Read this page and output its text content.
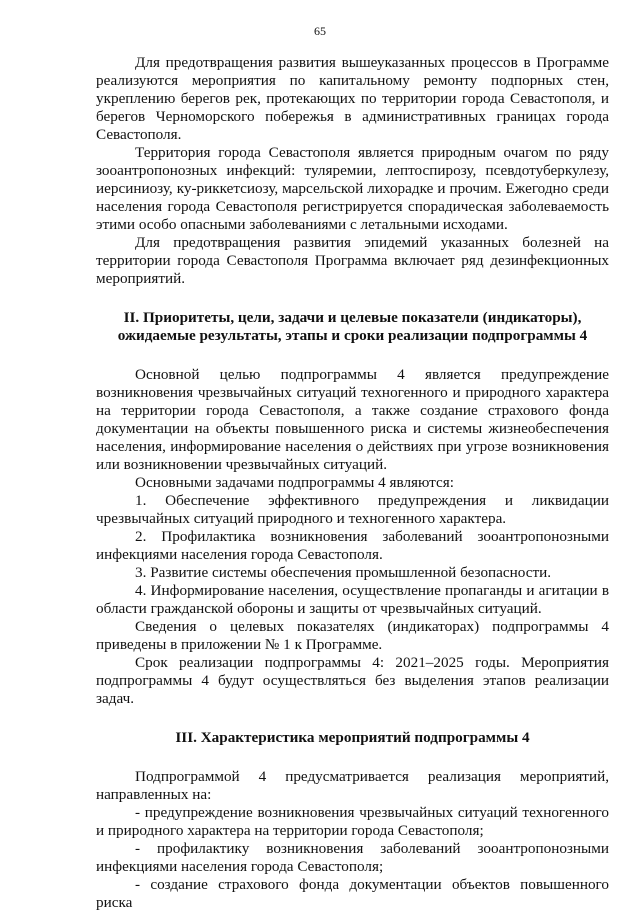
65

Для предотвращения развития вышеуказанных процессов в Программе реализуются мероприятия по капитальному ремонту подпорных стен, укреплению берегов рек, протекающих по территории города Севастополя, и берегов Черноморского побережья в административных границах города Севастополя.

Территория города Севастополя является природным очагом по ряду зооантропонозных инфекций: туляремии, лептоспирозу, псевдотуберкулезу, иерсиниозу, ку-риккетсиозу, марсельской лихорадке и прочим. Ежегодно среди населения города Севастополя регистрируется спорадическая заболеваемость этими особо опасными заболеваниями с летальными исходами.

Для предотвращения развития эпидемий указанных болезней на территории города Севастополя Программа включает ряд дезинфекционных мероприятий.

II. Приоритеты, цели, задачи и целевые показатели (индикаторы),
ожидаемые результаты, этапы и сроки реализации подпрограммы 4

Основной целью подпрограммы 4 является предупреждение возникновения чрезвычайных ситуаций техногенного и природного характера на территории города Севастополя, а также создание страхового фонда документации на объекты повышенного риска и системы жизнеобеспечения населения, информирование населения о действиях при угрозе возникновения или возникновении чрезвычайных ситуаций.

Основными задачами подпрограммы 4 являются:

1. Обеспечение эффективного предупреждения и ликвидации чрезвычайных ситуаций природного и техногенного характера.

2. Профилактика возникновения заболеваний зооантропонозными инфекциями населения города Севастополя.

3. Развитие системы обеспечения промышленной безопасности.

4. Информирование населения, осуществление пропаганды и агитации в области гражданской обороны и защиты от чрезвычайных ситуаций.

Сведения о целевых показателях (индикаторах) подпрограммы 4 приведены в приложении № 1 к Программе.

Срок реализации подпрограммы 4: 2021–2025 годы. Мероприятия подпрограммы 4 будут осуществляться без выделения этапов реализации задач.

III. Характеристика мероприятий подпрограммы 4

Подпрограммой 4 предусматривается реализация мероприятий, направленных на:

- предупреждение возникновения чрезвычайных ситуаций техногенного и природного характера на территории города Севастополя;

- профилактику возникновения заболеваний зооантропонозными инфекциями населения города Севастополя;

- создание страхового фонда документации объектов повышенного риска
